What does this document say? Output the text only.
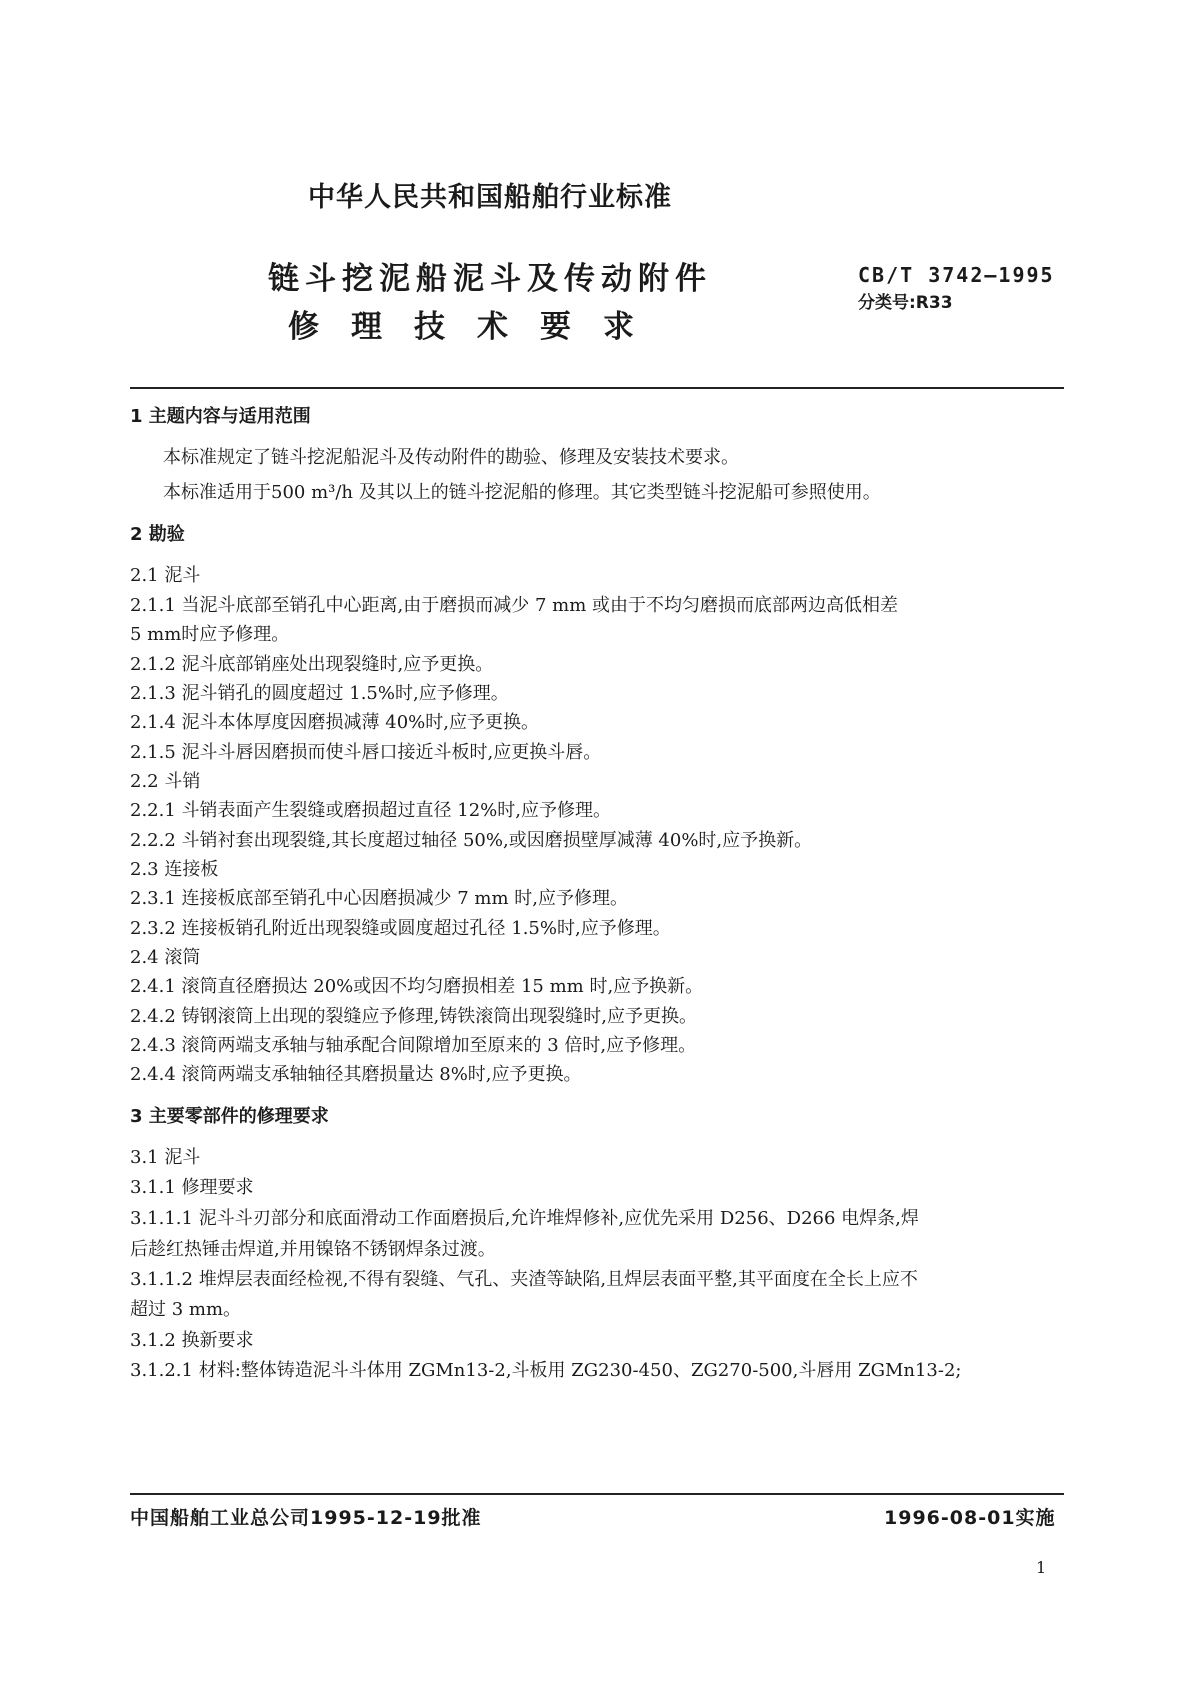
中华人民共和国船舶行业标准
链斗挖泥船泥斗及传动附件
修理技术要求
CB/T 3742—1995
分类号:R33
1 主题内容与适用范围
本标准规定了链斗挖泥船泥斗及传动附件的勘验、修理及安装技术要求。
本标准适用于500 m³/h 及其以上的链斗挖泥船的修理。其它类型链斗挖泥船可参照使用。
2 勘验
2.1 泥斗
2.1.1 当泥斗底部至销孔中心距离,由于磨损而减少 7 mm 或由于不均匀磨损而底部两边高低相差
5 mm时应予修理。
2.1.2 泥斗底部销座处出现裂缝时,应予更换。
2.1.3 泥斗销孔的圆度超过 1.5%时,应予修理。
2.1.4 泥斗本体厚度因磨损减薄 40%时,应予更换。
2.1.5 泥斗斗唇因磨损而使斗唇口接近斗板时,应更换斗唇。
2.2 斗销
2.2.1 斗销表面产生裂缝或磨损超过直径 12%时,应予修理。
2.2.2 斗销衬套出现裂缝,其长度超过轴径 50%,或因磨损壁厚减薄 40%时,应予换新。
2.3 连接板
2.3.1 连接板底部至销孔中心因磨损减少 7 mm 时,应予修理。
2.3.2 连接板销孔附近出现裂缝或圆度超过孔径 1.5%时,应予修理。
2.4 滚筒
2.4.1 滚筒直径磨损达 20%或因不均匀磨损相差 15 mm 时,应予换新。
2.4.2 铸钢滚筒上出现的裂缝应予修理,铸铁滚筒出现裂缝时,应予更换。
2.4.3 滚筒两端支承轴与轴承配合间隙增加至原来的 3 倍时,应予修理。
2.4.4 滚筒两端支承轴轴径其磨损量达 8%时,应予更换。
3 主要零部件的修理要求
3.1 泥斗
3.1.1 修理要求
3.1.1.1 泥斗斗刃部分和底面滑动工作面磨损后,允许堆焊修补,应优先采用 D256、D266 电焊条,焊
后趁红热锤击焊道,并用镍铬不锈钢焊条过渡。
3.1.1.2 堆焊层表面经检视,不得有裂缝、气孔、夹渣等缺陷,且焊层表面平整,其平面度在全长上应不
超过 3 mm。
3.1.2 换新要求
3.1.2.1 材料:整体铸造泥斗斗体用 ZGMn13-2,斗板用 ZG230-450、ZG270-500,斗唇用 ZGMn13-2;
中国船舶工业总公司1995-12-19批准	1996-08-01实施
1
